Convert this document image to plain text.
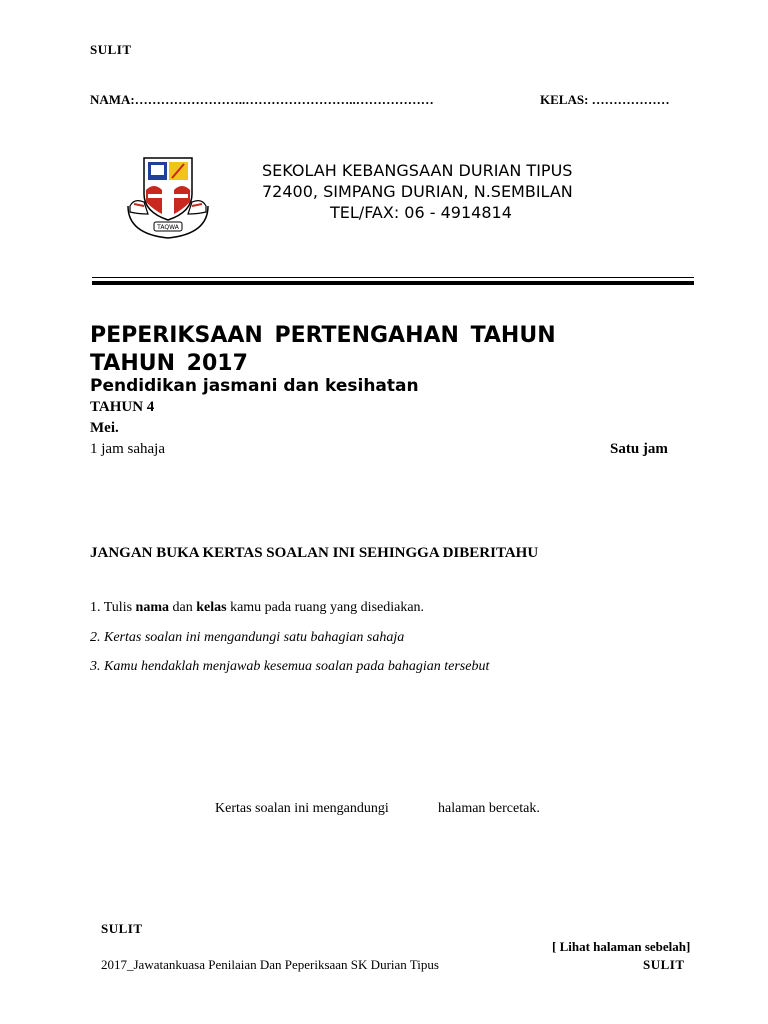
SULIT
NAMA:……………………..……………………..………………	KELAS: ………………
TAQWA
SEKOLAH KEBANGSAAN DURIAN TIPUS
72400, SIMPANG DURIAN, N.SEMBILAN
TEL/FAX: 06 - 4914814
PEPERIKSAAN PERTENGAHAN TAHUN
TAHUN 2017
Pendidikan jasmani dan kesihatan
TAHUN 4
Mei.
1 jam sahaja	Satu jam
JANGAN BUKA KERTAS SOALAN INI SEHINGGA DIBERITAHU
1. Tulis nama dan kelas kamu pada ruang yang disediakan.
2. Kertas soalan ini mengandungi satu bahagian sahaja
3. Kamu hendaklah menjawab kesemua soalan pada bahagian tersebut
Kertas soalan ini mengandungi	halaman bercetak.
SULIT
[ Lihat halaman sebelah]
2017_Jawatankuasa Penilaian Dan Peperiksaan SK Durian Tipus	SULIT
